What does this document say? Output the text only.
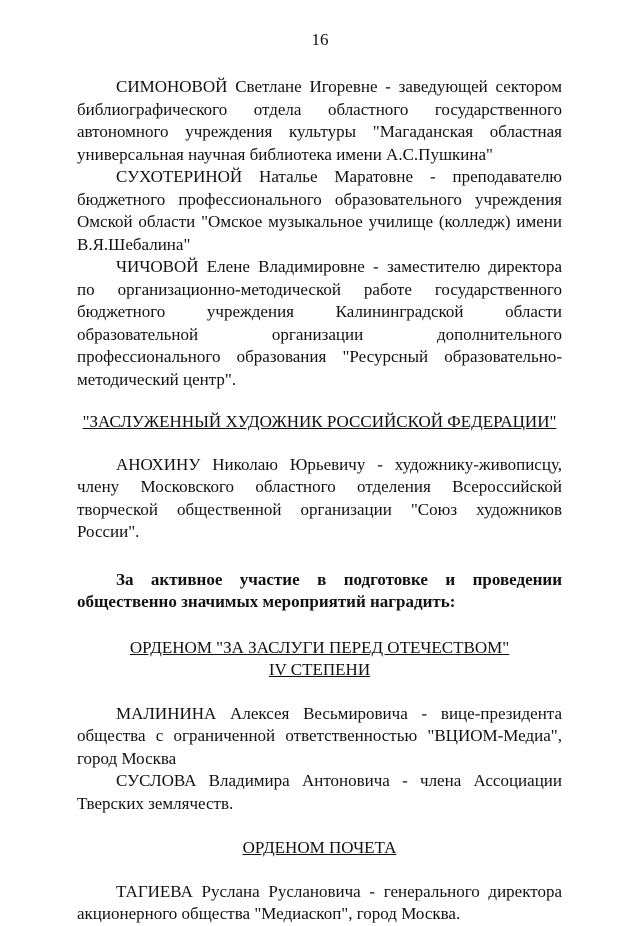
16

СИМОНОВОЙ Светлане Игоревне - заведующей сектором библиографического отдела областного государственного автономного учреждения культуры "Магаданская областная универсальная научная библиотека имени А.С.Пушкина"

СУХОТЕРИНОЙ Наталье Маратовне - преподавателю бюджетного профессионального образовательного учреждения Омской области "Омское музыкальное училище (колледж) имени В.Я.Шебалина"

ЧИЧОВОЙ Елене Владимировне - заместителю директора по организационно-методической работе государственного бюджетного учреждения Калининградской области образовательной организации дополнительного профессионального образования "Ресурсный образовательно-методический центр".

"ЗАСЛУЖЕННЫЙ ХУДОЖНИК РОССИЙСКОЙ ФЕДЕРАЦИИ"

АНОХИНУ Николаю Юрьевичу - художнику-живописцу, члену Московского областного отделения Всероссийской творческой общественной организации "Союз художников России".

За активное участие в подготовке и проведении общественно значимых мероприятий наградить:

ОРДЕНОМ "ЗА ЗАСЛУГИ ПЕРЕД ОТЕЧЕСТВОМ"

IV СТЕПЕНИ

МАЛИНИНА Алексея Весьмировича - вице-президента общества с ограниченной ответственностью "ВЦИОМ-Медиа", город Москва

СУСЛОВА Владимира Антоновича - члена Ассоциации Тверских землячеств.

ОРДЕНОМ ПОЧЕТА

ТАГИЕВА Руслана Руслановича - генерального директора акционерного общества "Медиаскоп", город Москва.
